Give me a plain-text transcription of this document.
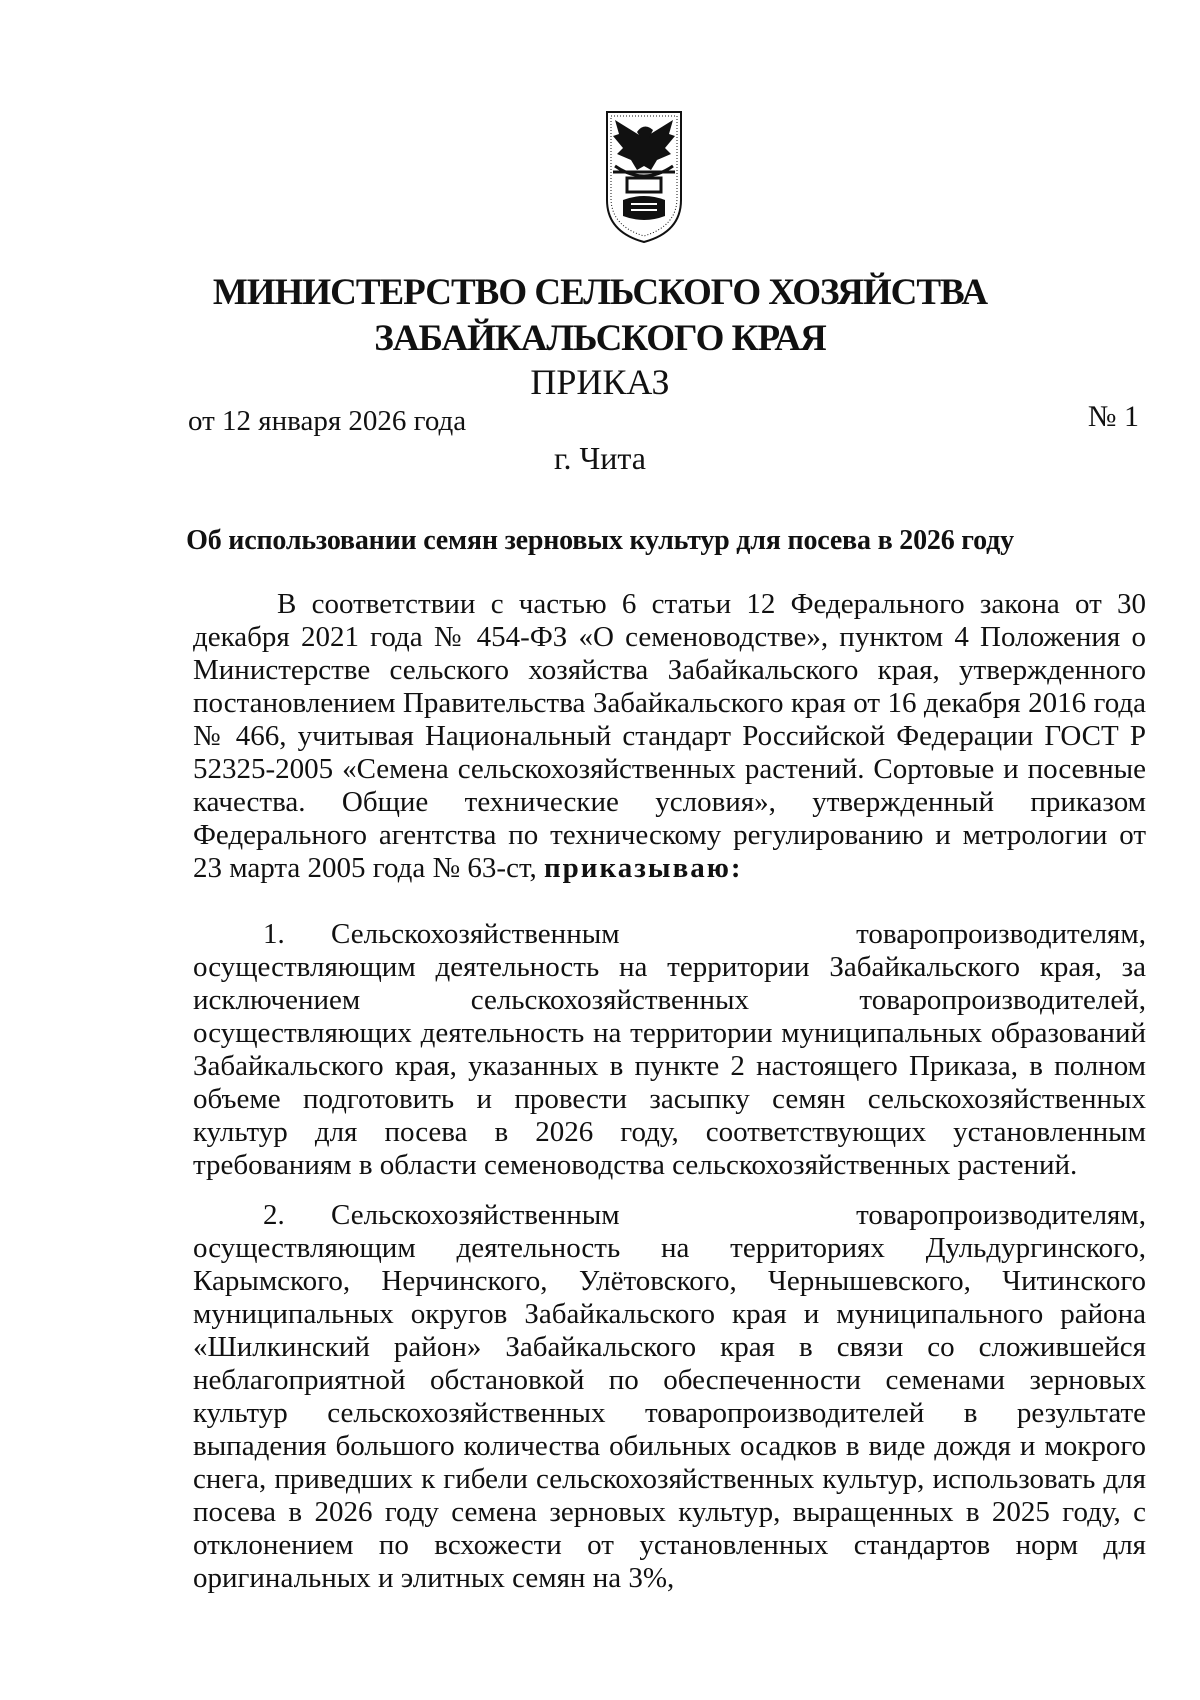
МИНИСТЕРСТВО СЕЛЬСКОГО ХОЗЯЙСТВА
ЗАБАЙКАЛЬСКОГО КРАЯ
ПРИКАЗ
от 12 января 2026 года	№ 1
г. Чита
Об использовании семян зерновых культур для посева в 2026 году

В соответствии с частью 6 статьи 12 Федерального закона от 30 декабря 2021 года № 454-ФЗ «О семеноводстве», пунктом 4 Положения о Министерстве сельского хозяйства Забайкальского края, утвержденного постановлением Правительства Забайкальского края от 16 декабря 2016 года № 466, учитывая Национальный стандарт Российской Федерации ГОСТ Р 52325-2005 «Семена сельскохозяйственных растений. Сортовые и посевные качества. Общие технические условия», утвержденный приказом Федерального агентства по техническому регулированию и метрологии от 23 марта 2005 года № 63-ст, приказываю:

1. Сельскохозяйственным товаропроизводителям, осуществляющим деятельность на территории Забайкальского края, за исключением сельскохозяйственных товаропроизводителей, осуществляющих деятельность на территории муниципальных образований Забайкальского края, указанных в пункте 2 настоящего Приказа, в полном объеме подготовить и провести засыпку семян сельскохозяйственных культур для посева в 2026 году, соответствующих установленным требованиям в области семеноводства сельскохозяйственных растений.

2. Сельскохозяйственным товаропроизводителям, осуществляющим деятельность на территориях Дульдургинского, Карымского, Нерчинского, Улётовского, Чернышевского, Читинского муниципальных округов Забайкальского края и муниципального района «Шилкинский район» Забайкальского края в связи со сложившейся неблагоприятной обстановкой по обеспеченности семенами зерновых культур сельскохозяйственных товаропроизводителей в результате выпадения большого количества обильных осадков в виде дождя и мокрого снега, приведших к гибели сельскохозяйственных культур, использовать для посева в 2026 году семена зерновых культур, выращенных в 2025 году, с отклонением по всхожести от установленных стандартов норм для оригинальных и элитных семян на 3%,
